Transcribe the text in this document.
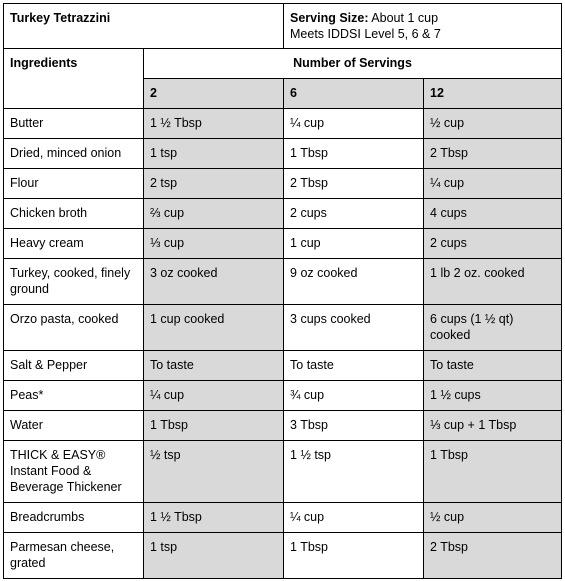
Turkey Tetrazzini		Serving Size: About 1 cup
Meets IDDSI Level 5, 6 & 7	
Ingredients	Number of Servings		
	2	6	12
Butter	1 ½ Tbsp	¼ cup	½ cup
Dried, minced onion	1 tsp	1 Tbsp	2 Tbsp
Flour	2 tsp	2 Tbsp	¼ cup
Chicken broth	⅔ cup	2 cups	4 cups
Heavy cream	⅓ cup	1 cup	2 cups
Turkey, cooked, finely ground	3 oz cooked	9 oz cooked	1 lb 2 oz. cooked
Orzo pasta, cooked	1 cup cooked	3 cups cooked	6 cups (1 ½ qt) cooked
Salt & Pepper	To taste	To taste	To taste
Peas*	¼ cup	¾ cup	1 ½ cups
Water	1 Tbsp	3 Tbsp	⅓ cup + 1 Tbsp
THICK & EASY® Instant Food & Beverage Thickener	½ tsp	1 ½ tsp	1 Tbsp
Breadcrumbs	1 ½ Tbsp	¼ cup	½ cup
Parmesan cheese, grated	1 tsp	1 Tbsp	2 Tbsp
